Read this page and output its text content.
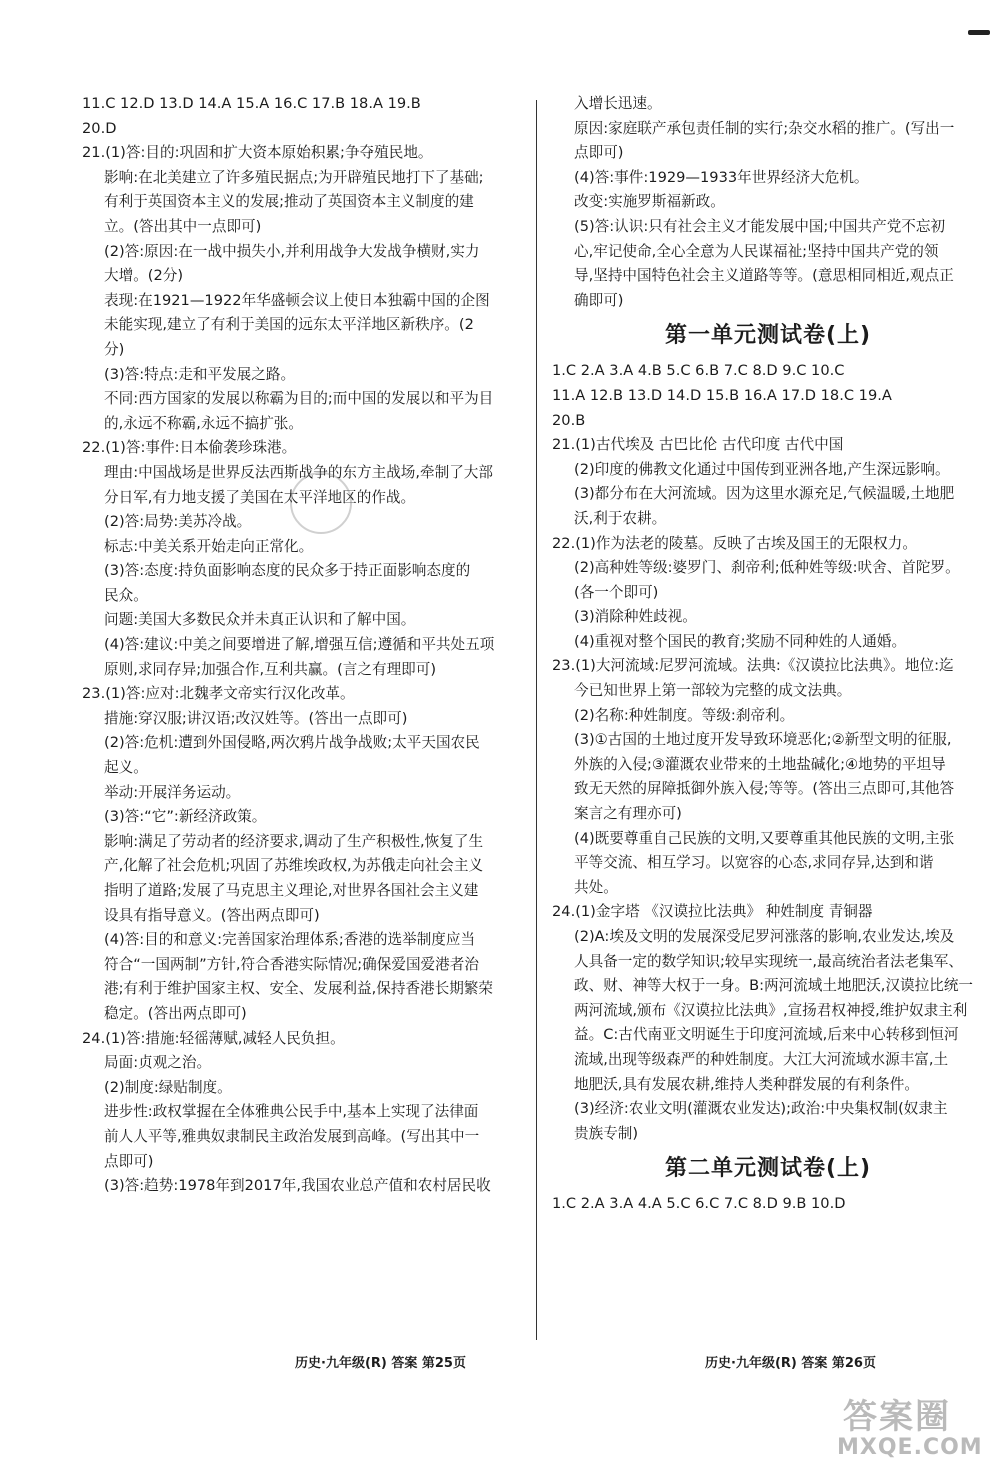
11.C 12.D 13.D 14.A 15.A 16.C 17.B 18.A 19.B
20.D
21.(1)答:目的:巩固和扩大资本原始积累;争夺殖民地。
影响:在北美建立了许多殖民据点;为开辟殖民地打下了基础;
有利于英国资本主义的发展;推动了英国资本主义制度的建
立。(答出其中一点即可)
(2)答:原因:在一战中损失小,并利用战争大发战争横财,实力
大增。(2分)
表现:在1921—1922年华盛顿会议上使日本独霸中国的企图
未能实现,建立了有利于美国的远东太平洋地区新秩序。(2
分)
(3)答:特点:走和平发展之路。
不同:西方国家的发展以称霸为目的;而中国的发展以和平为目
的,永远不称霸,永远不搞扩张。
22.(1)答:事件:日本偷袭珍珠港。
理由:中国战场是世界反法西斯战争的东方主战场,牵制了大部
分日军,有力地支援了美国在太平洋地区的作战。
(2)答:局势:美苏冷战。
标志:中美关系开始走向正常化。
(3)答:态度:持负面影响态度的民众多于持正面影响态度的
民众。
问题:美国大多数民众并未真正认识和了解中国。
(4)答:建议:中美之间要增进了解,增强互信;遵循和平共处五项
原则,求同存异;加强合作,互利共赢。(言之有理即可)
23.(1)答:应对:北魏孝文帝实行汉化改革。
措施:穿汉服;讲汉语;改汉姓等。(答出一点即可)
(2)答:危机:遭到外国侵略,两次鸦片战争战败;太平天国农民
起义。
举动:开展洋务运动。
(3)答:“它”:新经济政策。
影响:满足了劳动者的经济要求,调动了生产积极性,恢复了生
产,化解了社会危机;巩固了苏维埃政权,为苏俄走向社会主义
指明了道路;发展了马克思主义理论,对世界各国社会主义建
设具有指导意义。(答出两点即可)
(4)答:目的和意义:完善国家治理体系;香港的选举制度应当
符合“一国两制”方针,符合香港实际情况;确保爱国爱港者治
港;有利于维护国家主权、安全、发展利益,保持香港长期繁荣
稳定。(答出两点即可)
24.(1)答:措施:轻徭薄赋,减轻人民负担。
局面:贞观之治。
(2)制度:绿贴制度。
进步性:政权掌握在全体雅典公民手中,基本上实现了法律面
前人人平等,雅典奴隶制民主政治发展到高峰。(写出其中一
点即可)
(3)答:趋势:1978年到2017年,我国农业总产值和农村居民收
入增长迅速。
原因:家庭联产承包责任制的实行;杂交水稻的推广。(写出一
点即可)
(4)答:事件:1929—1933年世界经济大危机。
改变:实施罗斯福新政。
(5)答:认识:只有社会主义才能发展中国;中国共产党不忘初
心,牢记使命,全心全意为人民谋福祉;坚持中国共产党的领
导,坚持中国特色社会主义道路等等。(意思相同相近,观点正
确即可)
第一单元测试卷(上)
1.C 2.A 3.A 4.B 5.C 6.B 7.C 8.D 9.C 10.C
11.A 12.B 13.D 14.D 15.B 16.A 17.D 18.C 19.A
20.B
21.(1)古代埃及 古巴比伦 古代印度 古代中国
(2)印度的佛教文化通过中国传到亚洲各地,产生深远影响。
(3)都分布在大河流域。因为这里水源充足,气候温暖,土地肥
沃,利于农耕。
22.(1)作为法老的陵墓。反映了古埃及国王的无限权力。
(2)高种姓等级:婆罗门、刹帝利;低种姓等级:吠舍、首陀罗。
(各一个即可)
(3)消除种姓歧视。
(4)重视对整个国民的教育;奖励不同种姓的人通婚。
23.(1)大河流域:尼罗河流域。法典:《汉谟拉比法典》。地位:迄
今已知世界上第一部较为完整的成文法典。
(2)名称:种姓制度。等级:刹帝利。
(3)①古国的土地过度开发导致环境恶化;②新型文明的征服,
外族的入侵;③灌溉农业带来的土地盐碱化;④地势的平坦导
致无天然的屏障抵御外族入侵;等等。(答出三点即可,其他答
案言之有理亦可)
(4)既要尊重自己民族的文明,又要尊重其他民族的文明,主张
平等交流、相互学习。以宽容的心态,求同存异,达到和谐
共处。
24.(1)金字塔 《汉谟拉比法典》 种姓制度 青铜器
(2)A:埃及文明的发展深受尼罗河涨落的影响,农业发达,埃及
人具备一定的数学知识;较早实现统一,最高统治者法老集军、
政、财、神等大权于一身。B:两河流域土地肥沃,汉谟拉比统一
两河流域,颁布《汉谟拉比法典》,宣扬君权神授,维护奴隶主利
益。C:古代南亚文明诞生于印度河流域,后来中心转移到恒河
流域,出现等级森严的种姓制度。大江大河流域水源丰富,土
地肥沃,具有发展农耕,维持人类种群发展的有利条件。
(3)经济:农业文明(灌溉农业发达);政治:中央集权制(奴隶主
贵族专制)
第二单元测试卷(上)
1.C 2.A 3.A 4.A 5.C 6.C 7.C 8.D 9.B 10.D
历史·九年级(R) 答案 第25页	历史·九年级(R) 答案 第26页
答案圈
MXQE.COM
